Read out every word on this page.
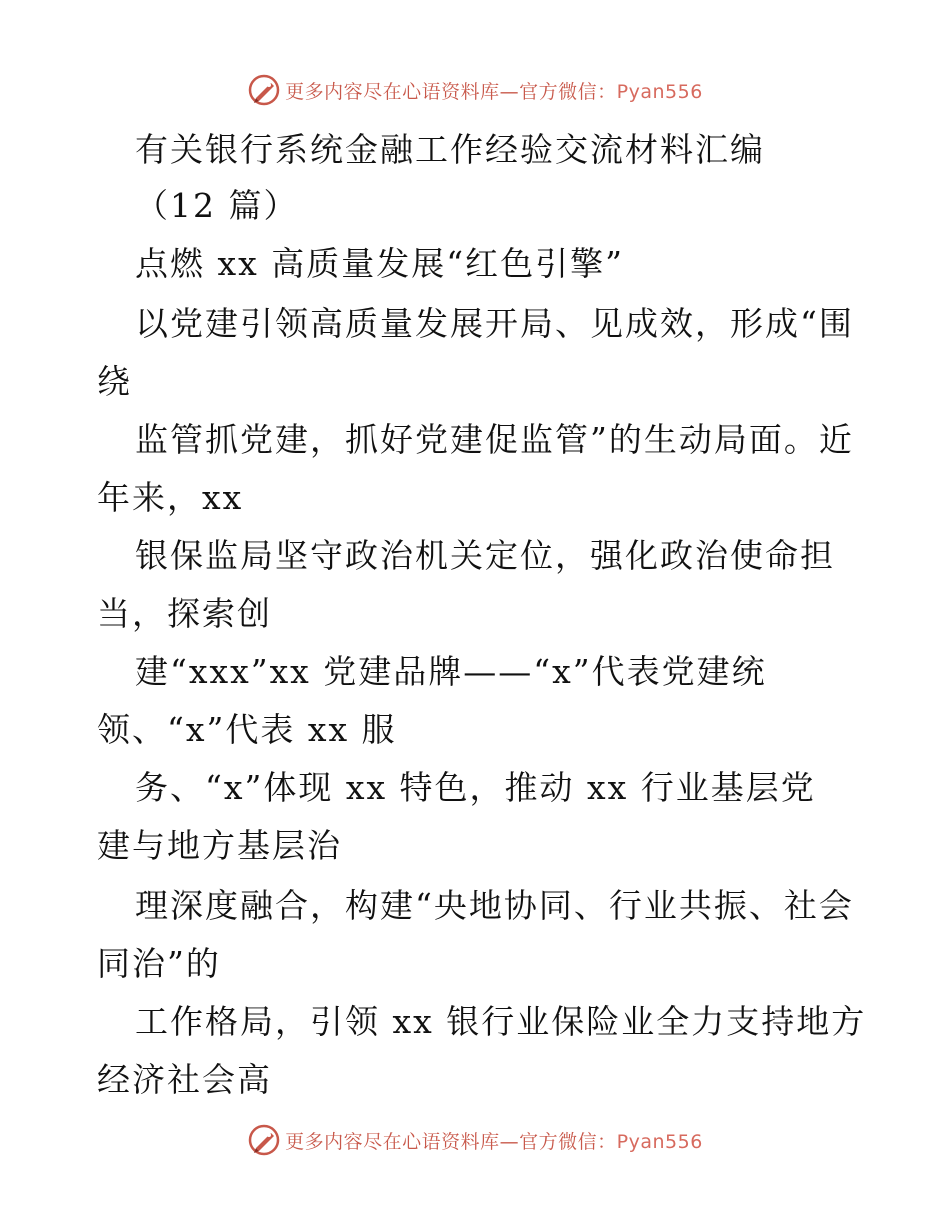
更多内容尽在心语资料库—官方微信：Pyan556
有关银行系统金融工作经验交流材料汇编
（12 篇）
点燃 xx 高质量发展“红色引擎”
以党建引领高质量发展开局、见成效，形成“围
绕
监管抓党建，抓好党建促监管”的生动局面。近
年来，xx
银保监局坚守政治机关定位，强化政治使命担
当，探索创
建“xxx”xx 党建品牌——“x”代表党建统
领、“x”代表 xx 服
务、“x”体现 xx 特色，推动 xx 行业基层党
建与地方基层治
理深度融合，构建“央地协同、行业共振、社会
同治”的
工作格局，引领 xx 银行业保险业全力支持地方
经济社会高
更多内容尽在心语资料库—官方微信：Pyan556
